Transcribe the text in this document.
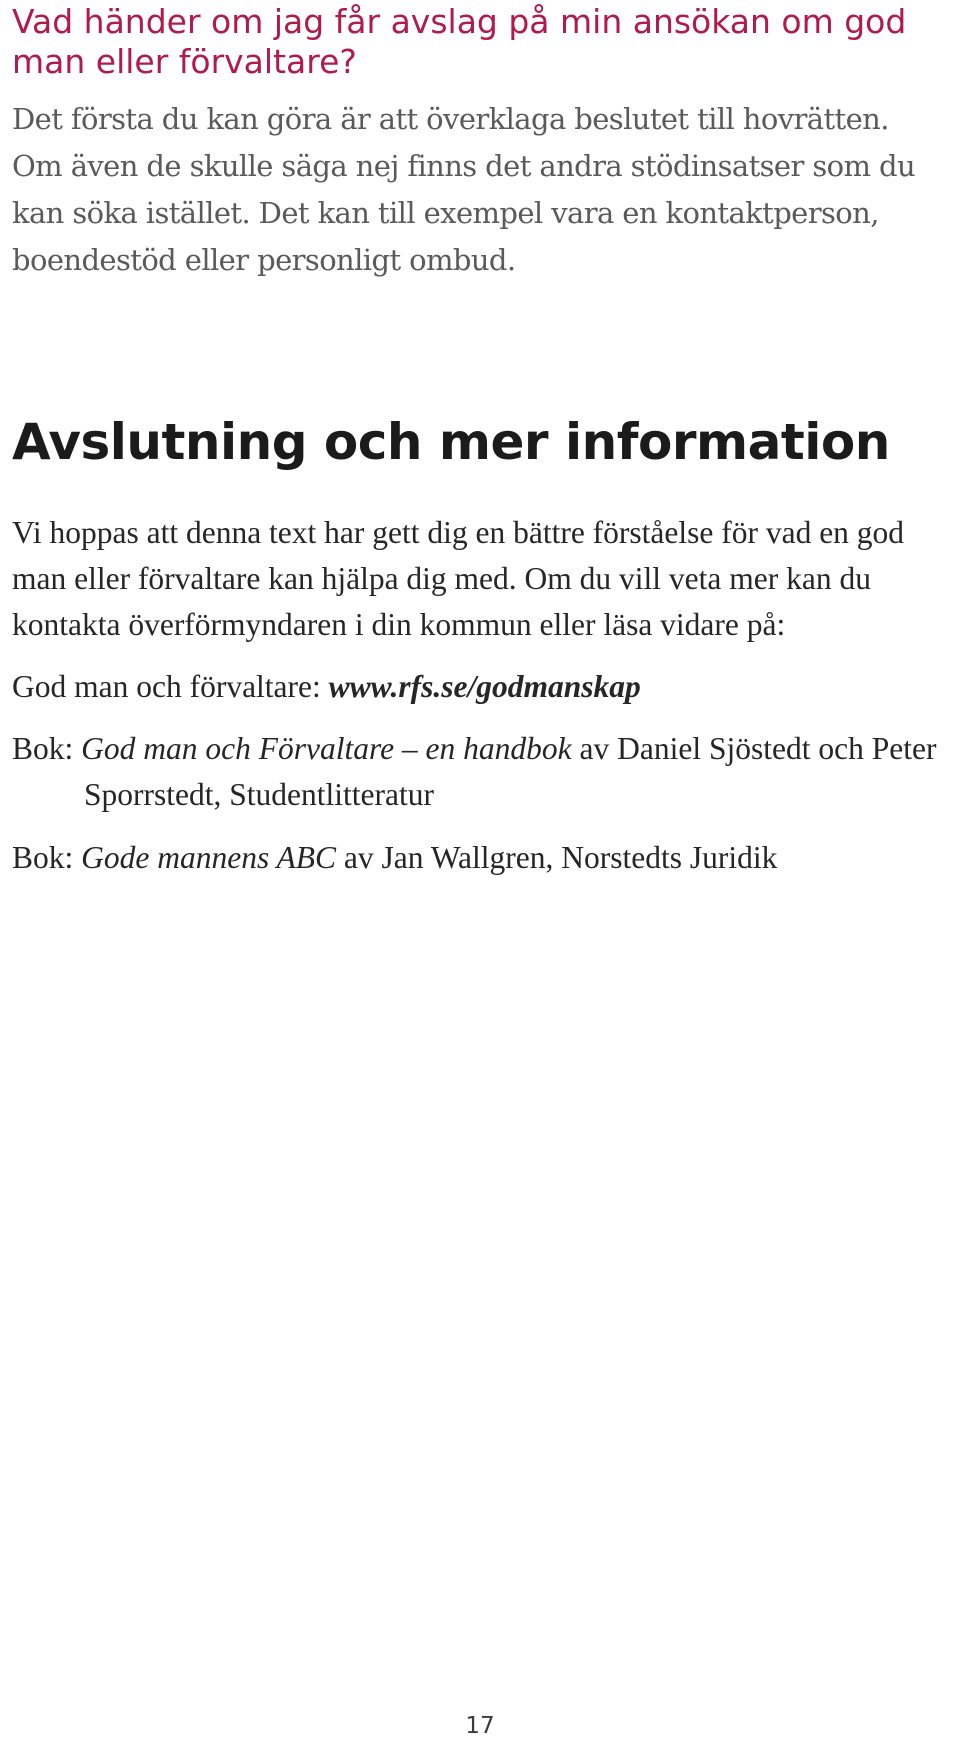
Vad händer om jag får avslag på min ansökan om god man eller förvaltare?

Det första du kan göra är att överklaga beslutet till hovrätten. Om även de skulle säga nej finns det andra stödinsatser som du kan söka istället. Det kan till exempel vara en kontaktperson, boendestöd eller personligt ombud.

Avslutning och mer information

Vi hoppas att denna text har gett dig en bättre förståelse för vad en god man eller förvaltare kan hjälpa dig med. Om du vill veta mer kan du kontakta överförmyndaren i din kommun eller läsa vidare på:

God man och förvaltare: www.rfs.se/godmanskap

Bok: God man och Förvaltare – en handbok av Daniel Sjöstedt och Peter Sporrstedt, Studentlitteratur

Bok: Gode mannens ABC av Jan Wallgren, Norstedts Juridik

17
